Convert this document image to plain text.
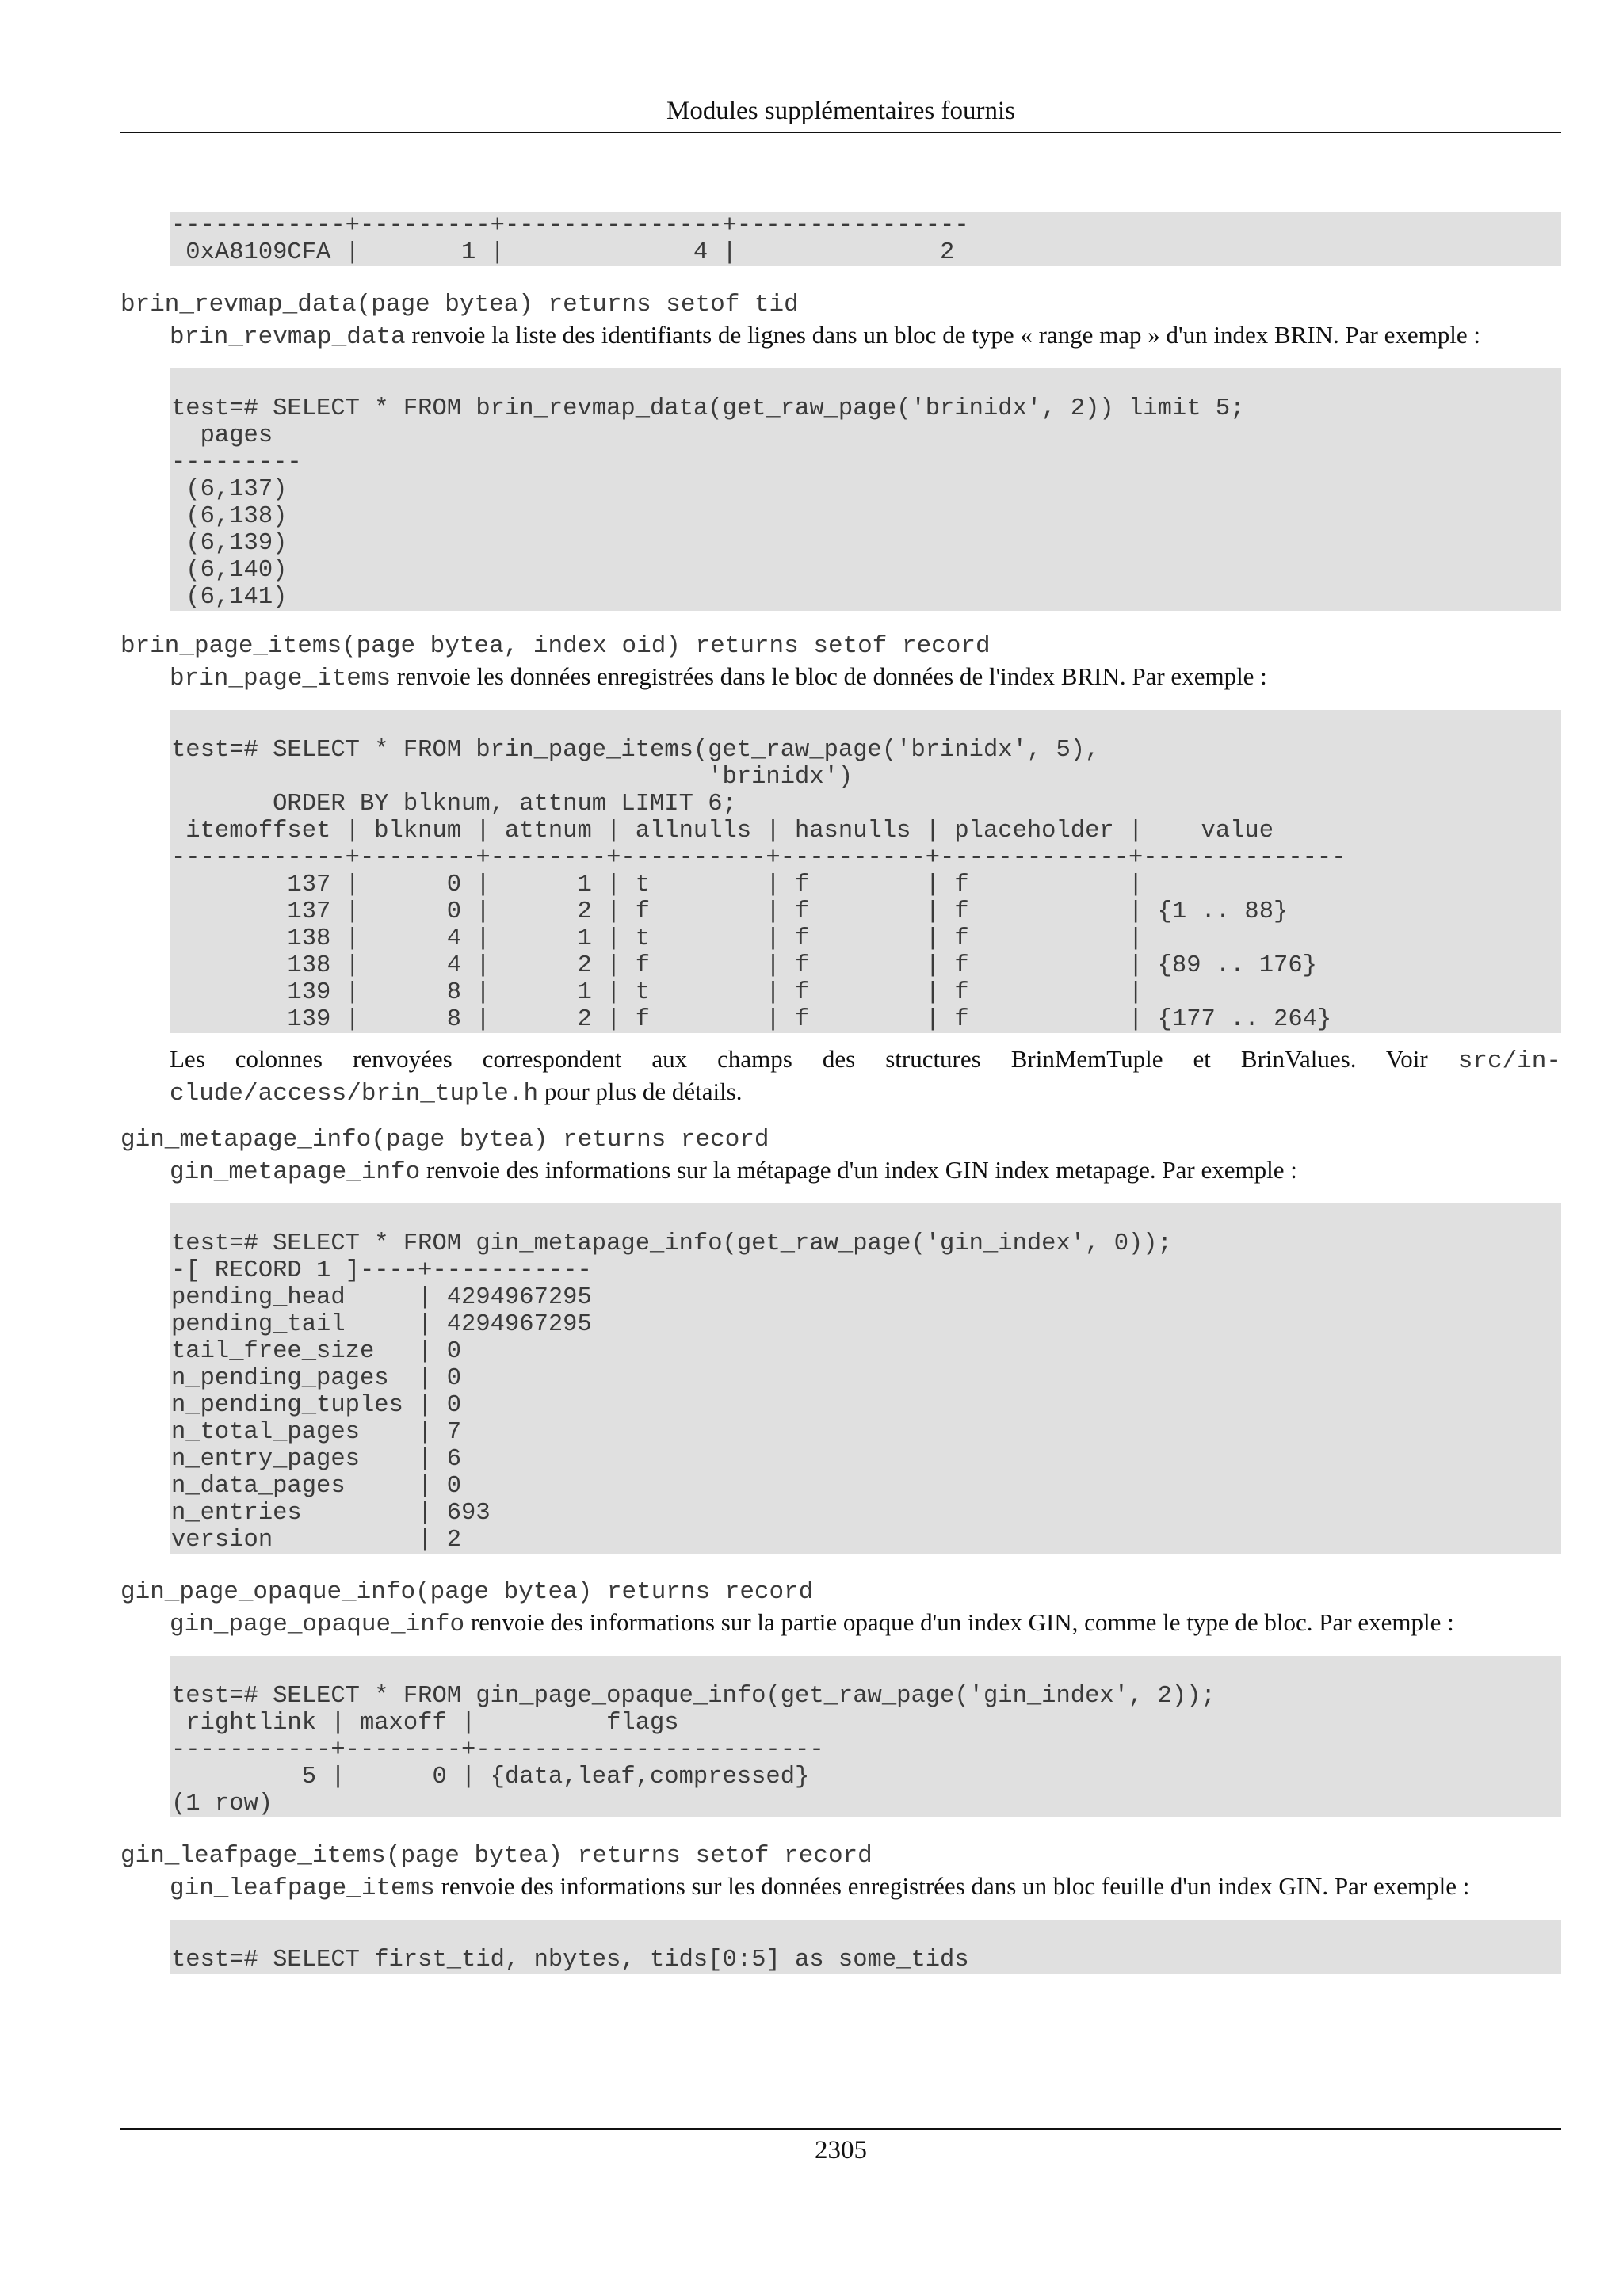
Modules supplémentaires fournis
------------+---------+---------------+----------------
0xA8109CFA |       1 |             4 |              2
brin_revmap_data(page bytea) returns setof tid
brin_revmap_data renvoie la liste des identifiants de lignes dans un bloc de type « range map » d'un index BRIN. Par exemple :
test=# SELECT * FROM brin_revmap_data(get_raw_page('brinidx', 2)) limit 5;
pages
---------
(6,137)
(6,138)
(6,139)
(6,140)
(6,141)
brin_page_items(page bytea, index oid) returns setof record
brin_page_items renvoie les données enregistrées dans le bloc de données de l'index BRIN. Par exemple :
test=# SELECT * FROM brin_page_items(get_raw_page('brinidx', 5),
'brinidx')
ORDER BY blknum, attnum LIMIT 6;
itemoffset | blknum | attnum | allnulls | hasnulls | placeholder |    value
------------+--------+--------+----------+----------+-------------+--------------
137 |      0 |      1 | t        | f        | f           |
137 |      0 |      2 | f        | f        | f           | {1 .. 88}
138 |      4 |      1 | t        | f        | f           |
138 |      4 |      2 | f        | f        | f           | {89 .. 176}
139 |      8 |      1 | t        | f        | f           |
139 |      8 |      2 | f        | f        | f           | {177 .. 264}
Les colonnes renvoyées correspondent aux champs des structures BrinMemTuple et BrinValues. Voir src/in-clude/access/brin_tuple.h pour plus de détails.
gin_metapage_info(page bytea) returns record
gin_metapage_info renvoie des informations sur la métapage d'un index GIN index metapage. Par exemple :
test=# SELECT * FROM gin_metapage_info(get_raw_page('gin_index', 0));
-[ RECORD 1 ]----+-----------
pending_head     | 4294967295
pending_tail     | 4294967295
tail_free_size   | 0
n_pending_pages  | 0
n_pending_tuples | 0
n_total_pages    | 7
n_entry_pages    | 6
n_data_pages     | 0
n_entries        | 693
version          | 2
gin_page_opaque_info(page bytea) returns record
gin_page_opaque_info renvoie des informations sur la partie opaque d'un index GIN, comme le type de bloc. Par exemple :
test=# SELECT * FROM gin_page_opaque_info(get_raw_page('gin_index', 2));
rightlink | maxoff |         flags
-----------+--------+------------------------
5 |      0 | {data,leaf,compressed}
(1 row)
gin_leafpage_items(page bytea) returns setof record
gin_leafpage_items renvoie des informations sur les données enregistrées dans un bloc feuille d'un index GIN. Par exemple :
test=# SELECT first_tid, nbytes, tids[0:5] as some_tids
2305
